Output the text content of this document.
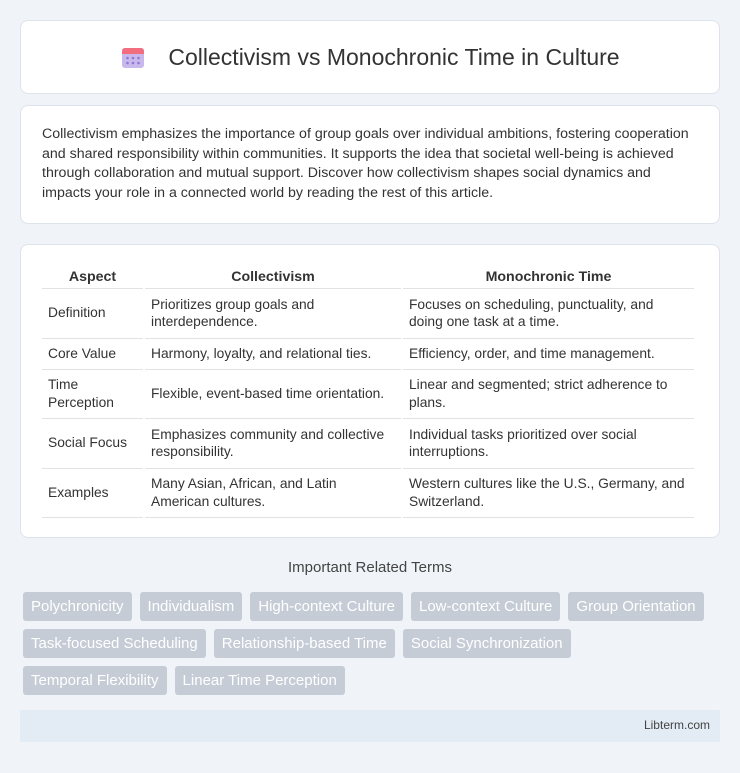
Collectivism vs Monochronic Time in Culture

Collectivism emphasizes the importance of group goals over individual ambitions, fostering cooperation and shared responsibility within communities. It supports the idea that societal well-being is achieved through collaboration and mutual support. Discover how collectivism shapes social dynamics and impacts your role in a connected world by reading the rest of this article.

Aspect	Collectivism	Monochronic Time
Definition	Prioritizes group goals and interdependence.	Focuses on scheduling, punctuality, and doing one task at a time.
Core Value	Harmony, loyalty, and relational ties.	Efficiency, order, and time management.
Time Perception	Flexible, event-based time orientation.	Linear and segmented; strict adherence to plans.
Social Focus	Emphasizes community and collective responsibility.	Individual tasks prioritized over social interruptions.
Examples	Many Asian, African, and Latin American cultures.	Western cultures like the U.S., Germany, and Switzerland.
Important Related Terms
Polychronicity	Individualism	High-context Culture	Low-context Culture	Group Orientation
Task-focused Scheduling	Relationship-based Time	Social Synchronization
Temporal Flexibility	Linear Time Perception
Libterm.com
